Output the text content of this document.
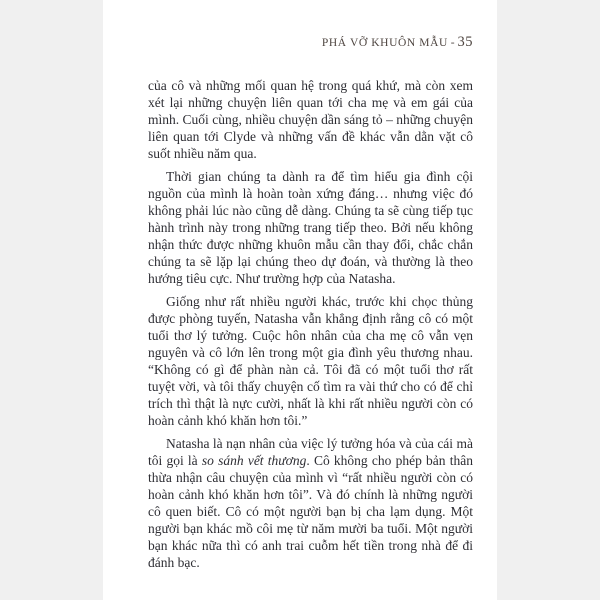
PHÁ VỠ KHUÔN MẪU - 35

của cô và những mối quan hệ trong quá khứ, mà còn xem xét lại những chuyện liên quan tới cha mẹ và em gái của mình. Cuối cùng, nhiều chuyện dần sáng tỏ – những chuyện liên quan tới Clyde và những vấn đề khác vẫn dằn vặt cô suốt nhiều năm qua.

Thời gian chúng ta dành ra để tìm hiểu gia đình cội nguồn của mình là hoàn toàn xứng đáng… nhưng việc đó không phải lúc nào cũng dễ dàng. Chúng ta sẽ cùng tiếp tục hành trình này trong những trang tiếp theo. Bởi nếu không nhận thức được những khuôn mẫu cần thay đổi, chắc chắn chúng ta sẽ lặp lại chúng theo dự đoán, và thường là theo hướng tiêu cực. Như trường hợp của Natasha.

Giống như rất nhiều người khác, trước khi chọc thủng được phòng tuyến, Natasha vẫn khẳng định rằng cô có một tuổi thơ lý tưởng. Cuộc hôn nhân của cha mẹ cô vẫn vẹn nguyên và cô lớn lên trong một gia đình yêu thương nhau. “Không có gì để phàn nàn cả. Tôi đã có một tuổi thơ rất tuyệt vời, và tôi thấy chuyện cố tìm ra vài thứ cho có để chỉ trích thì thật là nực cười, nhất là khi rất nhiều người còn có hoàn cảnh khó khăn hơn tôi.”

Natasha là nạn nhân của việc lý tưởng hóa và của cái mà tôi gọi là so sánh vết thương. Cô không cho phép bản thân thừa nhận câu chuyện của mình vì “rất nhiều người còn có hoàn cảnh khó khăn hơn tôi”. Và đó chính là những người cô quen biết. Cô có một người bạn bị cha lạm dụng. Một người bạn khác mồ côi mẹ từ năm mười ba tuổi. Một người bạn khác nữa thì có anh trai cuỗm hết tiền trong nhà để đi đánh bạc.
